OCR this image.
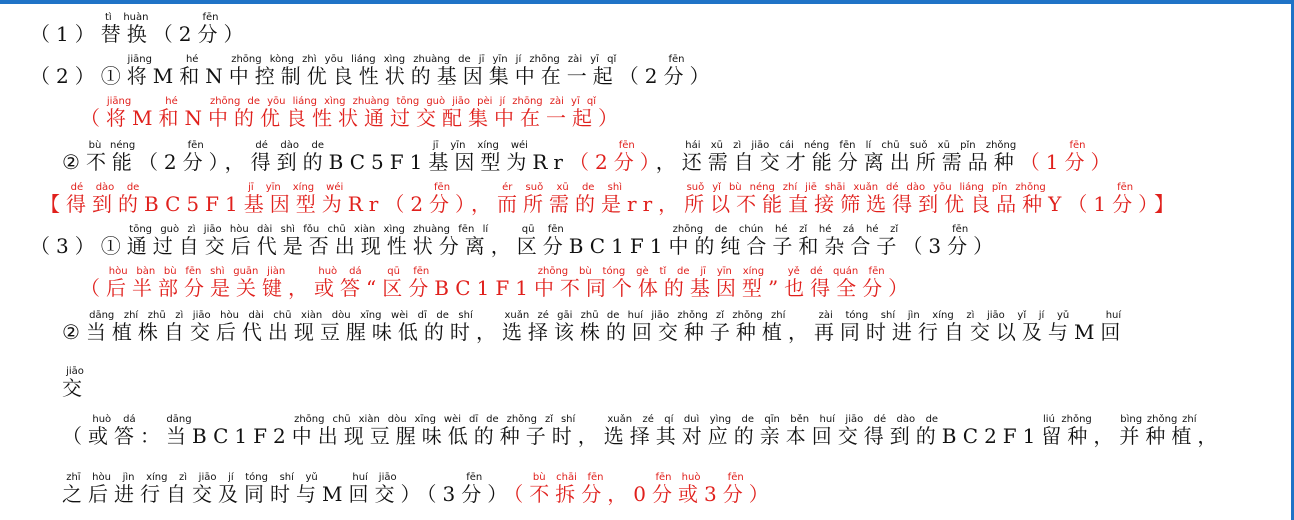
（1）替换tì huàn（2分fēn）
（2）①将jiāngM和héN中控制优良性状的基因集中在一起zhōng kòng zhì yōu liáng xìng zhuàng de jī yīn jí zhōng zài yī qǐ（2分fēn）
（将jiāngM和héN中的优良性状通过交配集中在一起zhōng de yōu liáng xìng zhuàng tōng guò jiāo pèi jí zhōng zài yī qǐ）
②不能bù néng（2分fēn），得到的dé dào deBC5F1基因型为jī yīn xíng wéiRr（2分fēn），还需自交才能分离出所需品种hái xū zì jiāo cái néng fēn lí chū suǒ xū pǐn zhǒng（1分fēn）
【得到的dé dào deBC5F1基因型为jī yīn xíng wéiRr（2分fēn），而所需的是ér suǒ xū de shìrr，所以不能直接筛选得到优良品种suǒ yǐ bù néng zhí jiē shāi xuǎn dé dào yōu liáng pǐn zhǒngY（1分fēn）】
（3）①通过自交后代是否出现性状分离tōng guò zì jiāo hòu dài shì fǒu chū xiàn xìng zhuàng fēn lí，区分qū fēnBC1F1中的纯合子和杂合子zhōng de chún hé zǐ hé zá hé zǐ（3分fēn）
（后半部分是关键hòu bàn bù fēn shì guān jiàn，或答huò dá“区分qū fēnBC1F1中不同个体的基因型zhōng bù tóng gè tǐ de jī yīn xíng”也得全分yě dé quán fēn）
②当植株自交后代出现豆腥味低的时dāng zhí zhū zì jiāo hòu dài chū xiàn dòu xīng wèi dī de shí，选择该株的回交种子种植xuǎn zé gāi zhū de huí jiāo zhǒng zǐ zhǒng zhí，再同时进行自交以及与zài tóng shí jìn xíng zì jiāo yǐ jí yǔM回huí
交jiāo
（或答huò dá：当dāngBC1F2中出现豆腥味低的种子时zhōng chū xiàn dòu xīng wèi dī de zhǒng zǐ shí，选择其对应的亲本回交得到的xuǎn zé qí duì yìng de qīn běn huí jiāo dé dào deBC2F1留种liú zhǒng，并种植bìng zhǒng zhí，
之后进行自交及同时与zhī hòu jìn xíng zì jiāo jí tóng shí yǔM回交huí jiāo）（3分fēn）（不拆分bù chāi fēn，0分或fēn huò3分fēn）
